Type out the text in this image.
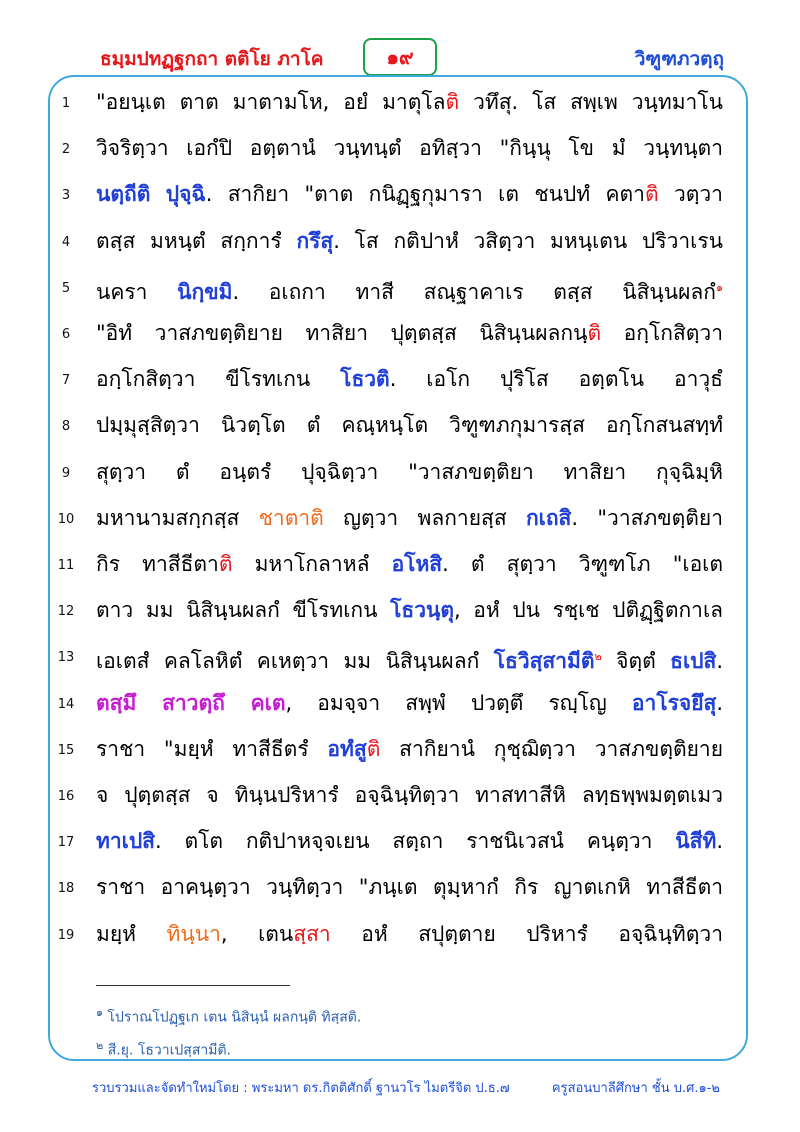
ธมฺมปทฏฺฐกถา ตติโย ภาโค	๑๙	วิฑูฑภวตฺถุ
1	"อยนฺเต ตาต มาตามโห, อยํ มาตุโลติ วทึสุ. โส สพฺเพ วนฺทมาโน
2	วิจริตฺวา เอกํปิ อตฺตานํ วนฺทนฺตํ อทิสฺวา "กินฺนุ โข มํ วนฺทนฺตา
3	นตฺถีติ ปุจฺฉิ. สากิยา "ตาต กนิฏฺฐกุมารา เต ชนปทํ คตาติ วตฺวา
4	ตสฺส มหนฺตํ สกฺการํ กรึสุ. โส กติปาหํ วสิตฺวา มหนฺเตน ปริวาเรน
5	นครา นิกฺขมิ. อเถกา ทาสี สณฺฐาคาเร ตสฺส นิสินฺนผลกํ$^๑$
6	"อิทํ วาสภขตฺติยาย ทาสิยา ปุตฺตสฺส นิสินฺนผลกนฺติ อกฺโกสิตฺวา
7	อกฺโกสิตฺวา ขีโรทเกน โธวติ. เอโก ปุริโส อตฺตโน อาวุธํ
8	ปมฺมุสฺสิตฺวา นิวตฺโต ตํ คณฺหนฺโต วิฑูฑภกุมารสฺส อกฺโกสนสทฺทํ
9	สุตฺวา ตํ อนฺตรํ ปุจฺฉิตฺวา "วาสภขตฺติยา ทาสิยา กุจฺฉิมฺหิ
10	มหานามสกฺกสฺส ชาตาติ ญตฺวา พลกายสฺส กเถสิ. "วาสภขตฺติยา
11	กิร ทาสีธีตาติ มหาโกลาหลํ อโหสิ. ตํ สุตฺวา วิฑูฑโภ "เอเต
12	ตาว มม นิสินฺนผลกํ ขีโรทเกน โธวนฺตุ, อหํ ปน รชฺเช ปติฏฺฐิตกาเล
13	เอเตสํ คลโลหิตํ คเหตฺวา มม นิสินฺนผลกํ โธวิสฺสามีติ$^๒$ จิตฺตํ ธเปสิ.
14	ตสฺมึ สาวตฺถึ คเต, อมจฺจา สพฺพํ ปวตฺตึ รญฺโญ อาโรจยึสุ.
15	ราชา "มยฺหํ ทาสีธีตรํ อทํสูติ สากิยานํ กุชฺฌิตฺวา วาสภขตฺติยาย
16	จ ปุตฺตสฺส จ ทินฺนปริหารํ อจฺฉินฺทิตฺวา ทาสทาสีหิ ลทฺธพฺพมตฺตเมว
17	ทาเปสิ. ตโต กติปาหจฺจเยน สตฺถา ราชนิเวสนํ คนฺตฺวา นิสีทิ.
18	ราชา อาคนฺตฺวา วนฺทิตฺวา "ภนฺเต ตุมฺหากํ กิร ญาตเกหิ ทาสีธีตา
19	มยฺหํ ทินฺนา, เตนสฺสา อหํ สปุตฺตาย ปริหารํ อจฺฉินฺทิตฺวา
$^๑$ โปราณโปฏฺฐเก เตน นิสินฺนํ ผลกนฺติ ทิสฺสติ.
$^๒$ สี.ยุ. โธวาเปสฺสามีติ.
รวบรวมและจัดทำใหม่โดย : พระมหา ดร.กิตติศักดิ์ ฐานวโร ไมตรีจิต ป.ธ.๗	ครูสอนบาลีศึกษา ชั้น บ.ศ.๑-๒
